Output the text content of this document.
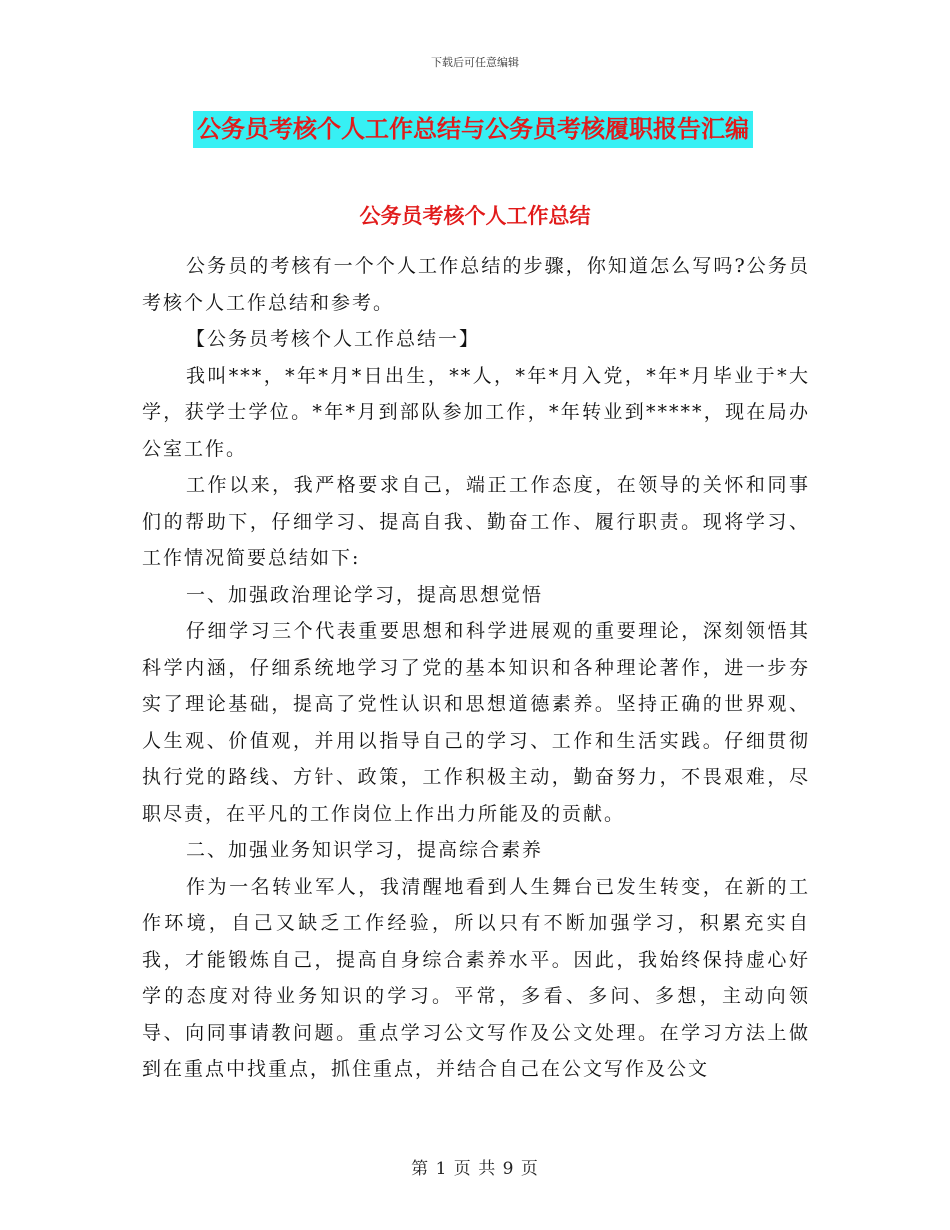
下载后可任意编辑
公务员考核个人工作总结与公务员考核履职报告汇编
公务员考核个人工作总结

公务员的考核有一个个人工作总结的步骤，你知道怎么写吗?公务员考核个人工作总结和参考。

【公务员考核个人工作总结一】

我叫***，*年*月*日出生，**人，*年*月入党，*年*月毕业于*大学，获学士学位。*年*月到部队参加工作，*年转业到*****，现在局办公室工作。

工作以来，我严格要求自己，端正工作态度，在领导的关怀和同事们的帮助下，仔细学习、提高自我、勤奋工作、履行职责。现将学习、工作情况简要总结如下:

一、加强政治理论学习，提高思想觉悟

仔细学习三个代表重要思想和科学进展观的重要理论，深刻领悟其科学内涵，仔细系统地学习了党的基本知识和各种理论著作，进一步夯实了理论基础，提高了党性认识和思想道德素养。坚持正确的世界观、人生观、价值观，并用以指导自己的学习、工作和生活实践。仔细贯彻执行党的路线、方针、政策，工作积极主动，勤奋努力，不畏艰难，尽职尽责，在平凡的工作岗位上作出力所能及的贡献。

二、加强业务知识学习，提高综合素养

作为一名转业军人，我清醒地看到人生舞台已发生转变，在新的工作环境，自己又缺乏工作经验，所以只有不断加强学习，积累充实自我，才能锻炼自己，提高自身综合素养水平。因此，我始终保持虚心好学的态度对待业务知识的学习。平常，多看、多问、多想，主动向领导、向同事请教问题。重点学习公文写作及公文处理。在学习方法上做到在重点中找重点，抓住重点，并结合自己在公文写作及公文

第 1 页 共 9 页
